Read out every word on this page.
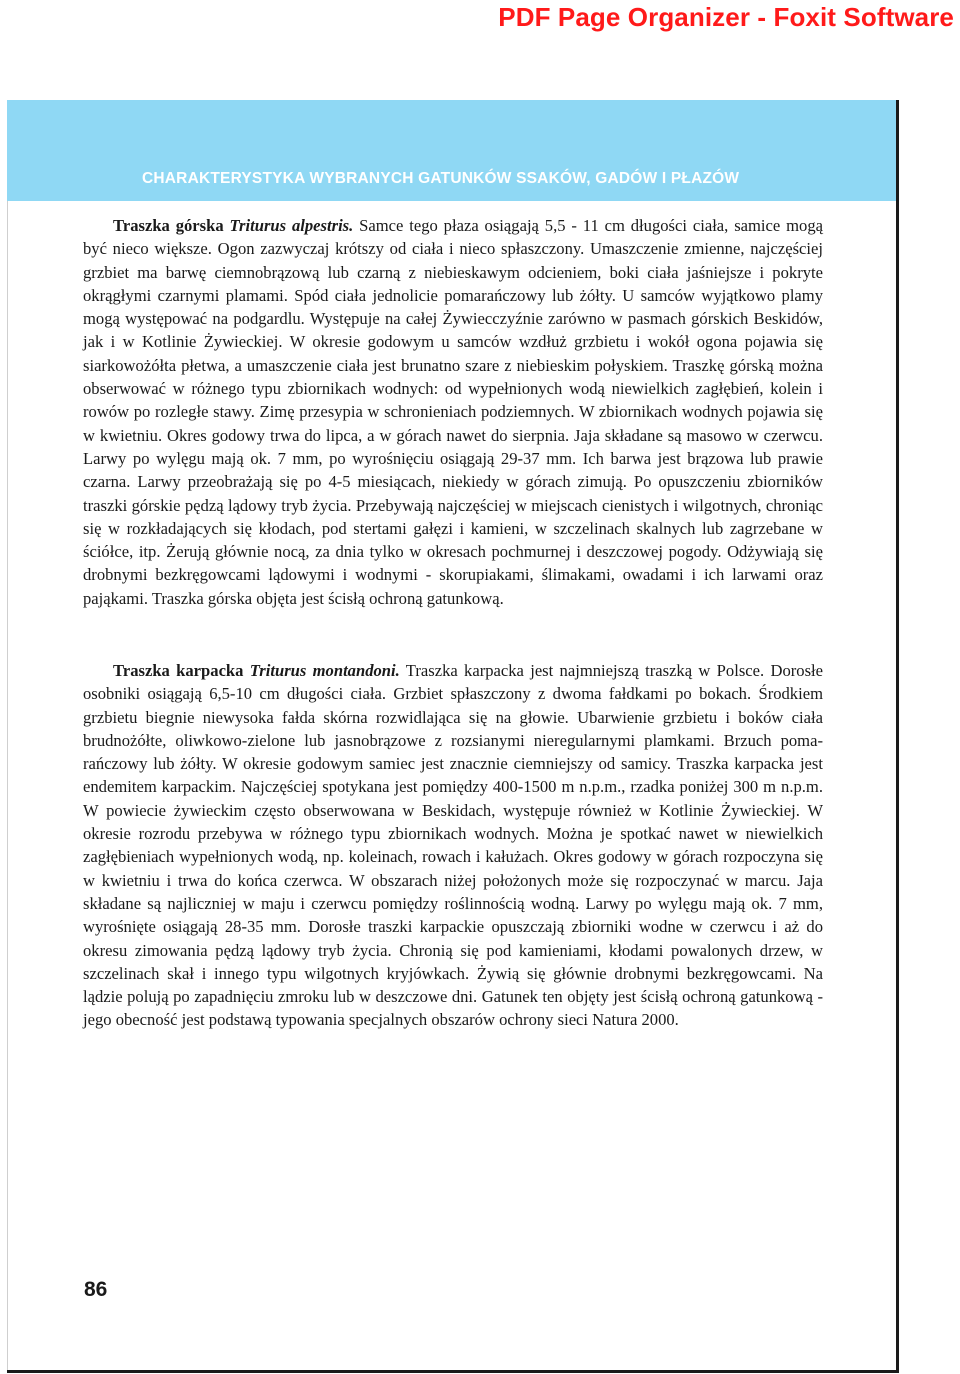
PDF Page Organizer - Foxit Software
CHARAKTERYSTYKA WYBRANYCH GATUNKÓW SSAKÓW, GADÓW I PŁAZÓW
Traszka górska Triturus alpestris. Samce tego płaza osiągają 5,5 - 11 cm długości ciała, samice mogą być nieco większe. Ogon zazwyczaj krótszy od ciała i nieco spłaszczony. Umaszczenie zmienne, najczęściej grzbiet ma barwę ciemnobrązową lub czarną z niebieskawym odcieniem, boki ciała jaśniejsze i pokryte okrągłymi czarnymi plamami. Spód ciała jednolicie pomarańczowy lub żółty. U samców wyjątkowo plamy mogą występować na podgardlu. Występuje na całej Żywiecczyźnie zarówno w pasmach górskich Beskidów, jak i w Kotlinie Żywieckiej. W okresie godowym u samców wzdłuż grzbietu i wokół ogona pojawia się siarkowożółta płetwa, a umaszczenie ciała jest brunatno szare z niebieskim połyskiem. Traszkę górską można obserwować w różnego typu zbiornikach wodnych: od wypełnionych wodą niewielkich zagłębień, kolein i rowów po rozległe stawy. Zimę przesypia w schronieniach podziemnych. W zbiornikach wodnych pojawia się w kwietniu. Okres godowy trwa do lipca, a w górach nawet do sierpnia. Jaja składane są masowo w czerwcu. Larwy po wylęgu mają ok. 7 mm, po wyrośnięciu osiągają 29-37 mm. Ich barwa jest brązowa lub prawie czarna. Larwy przeobrażają się po 4-5 miesiącach, niekiedy w górach zimują. Po opuszczeniu zbiorników traszki górskie pędzą lądowy tryb życia. Przebywają najczęściej w miejscach cienistych i wilgotnych, chroniąc się w rozkładających się kłodach, pod stertami gałęzi i kamieni, w szczelinach skalnych lub zagrzebane w ściółce, itp. Żerują głównie nocą, za dnia tylko w okresach pochmurnej i deszczowej pogody. Odżywiają się drobnymi bezkręgowcami lądowymi i wodnymi - skorupiakami, ślimakami, owadami i ich larwami oraz pająkami. Traszka górska objęta jest ścisłą ochroną gatunkową.
Traszka karpacka Triturus montandoni. Traszka karpacka jest najmniejszą traszką w Polsce. Dorosłe osobniki osiągają 6,5-10 cm długości ciała. Grzbiet spłaszczony z dwoma fałdkami po bokach. Środkiem grzbietu biegnie niewysoka fałda skórna rozwidlająca się na głowie. Ubarwienie grzbietu i boków ciała brudnożółte, oliwkowo-zielone lub jasnobrązowe z rozsianymi nieregularnymi plamkami. Brzuch pomarańczowy lub żółty. W okresie godowym samiec jest znacznie ciemniejszy od samicy. Traszka karpacka jest endemitem karpackim. Najczęściej spotykana jest pomiędzy 400-1500 m n.p.m., rzadka poniżej 300 m n.p.m. W powiecie żywieckim często obserwowana w Beskidach, występuje również w Kotlinie Żywieckiej. W okresie rozrodu przebywa w różnego typu zbiornikach wodnych. Można je spotkać nawet w niewielkich zagłębieniach wypełnionych wodą, np. koleinach, rowach i kałużach. Okres godowy w górach rozpoczyna się w kwietniu i trwa do końca czerwca. W obszarach niżej położonych może się rozpoczynać w marcu. Jaja składane są najliczniej w maju i czerwcu pomiędzy roślinnością wodną. Larwy po wylęgu mają ok. 7 mm, wyrośnięte osiągają 28-35 mm. Dorosłe traszki karpackie opuszczają zbiorniki wodne w czerwcu i aż do okresu zimowania pędzą lądowy tryb życia. Chronią się pod kamieniami, kłodami powalonych drzew, w szczelinach skał i innego typu wilgotnych kryjówkach. Żywią się głównie drobnymi bezkręgowcami. Na lądzie polują po zapadnięciu zmroku lub w deszczowe dni. Gatunek ten objęty jest ścisłą ochroną gatunkową - jego obecność jest podstawą typowania specjalnych obszarów ochrony sieci Natura 2000.
86
